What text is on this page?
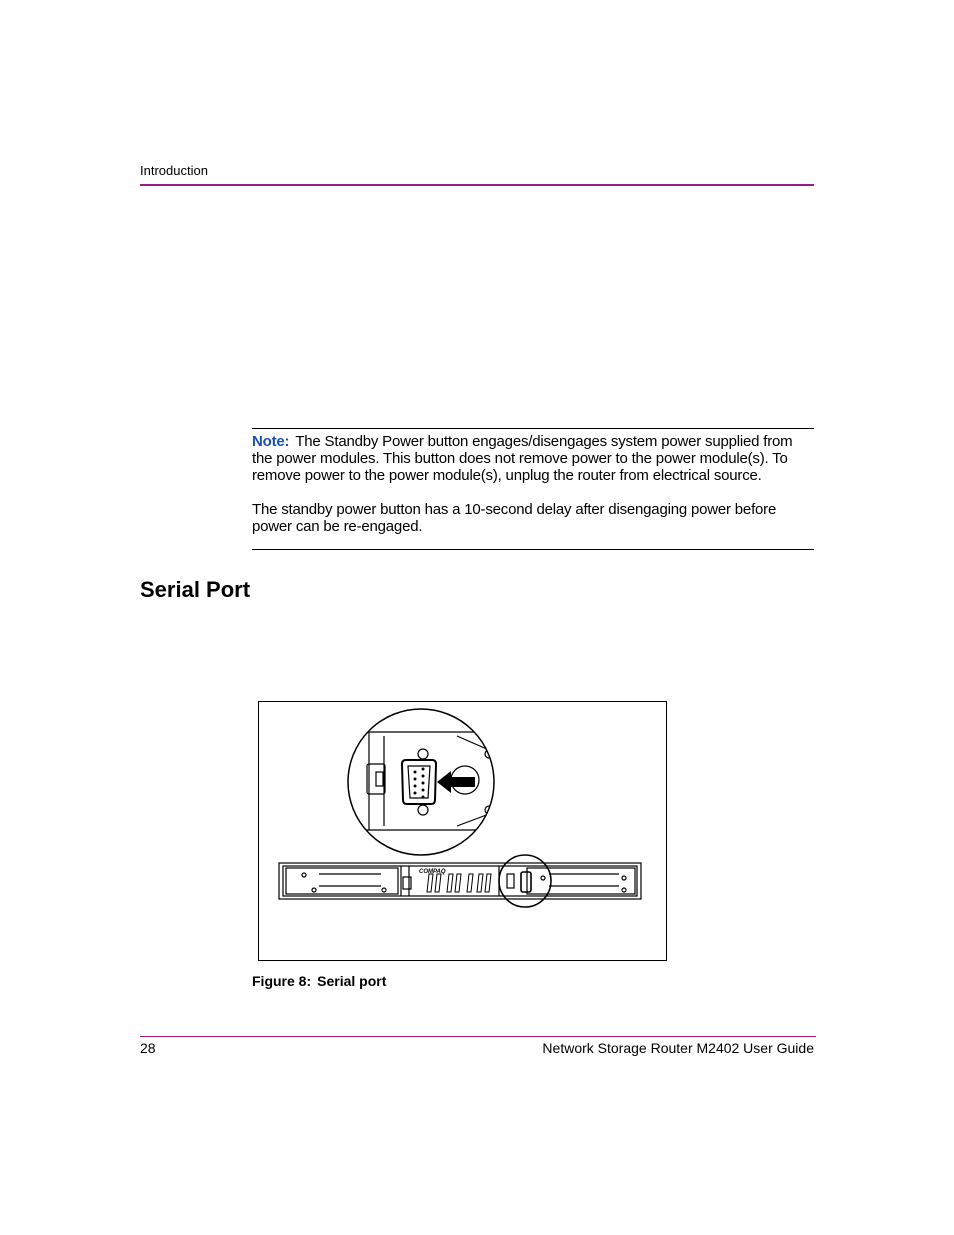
Introduction

Note: The Standby Power button engages/disengages system power supplied from the power modules. This button does not remove power to the power module(s). To remove power to the power module(s), unplug the router from electrical source.

The standby power button has a 10-second delay after disengaging power before power can be re-engaged.

Serial Port
COMPAQ
Figure 8: Serial port
28	Network Storage Router M2402 User Guide
